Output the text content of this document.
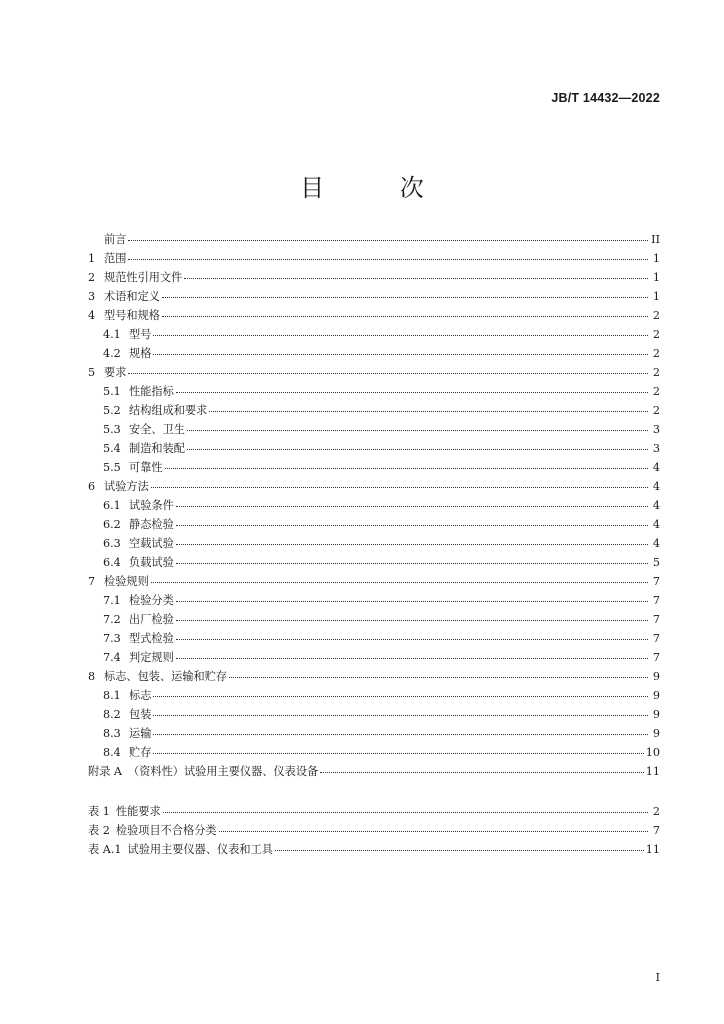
JB/T 14432—2022
目 次
前言	II
1 范围	1
2 规范性引用文件	1
3 术语和定义	1
4 型号和规格	2
4.1 型号	2
4.2 规格	2
5 要求	2
5.1 性能指标	2
5.2 结构组成和要求	2
5.3 安全、卫生	3
5.4 制造和装配	3
5.5 可靠性	4
6 试验方法	4
6.1 试验条件	4
6.2 静态检验	4
6.3 空载试验	4
6.4 负载试验	5
7 检验规则	7
7.1 检验分类	7
7.2 出厂检验	7
7.3 型式检验	7
7.4 判定规则	7
8 标志、包装、运输和贮存	9
8.1 标志	9
8.2 包装	9
8.3 运输	9
8.4 贮存	10
附录 A （资料性）试验用主要仪器、仪表设备	11
表 1 性能要求	2
表 2 检验项目不合格分类	7
表 A.1 试验用主要仪器、仪表和工具	11
I
